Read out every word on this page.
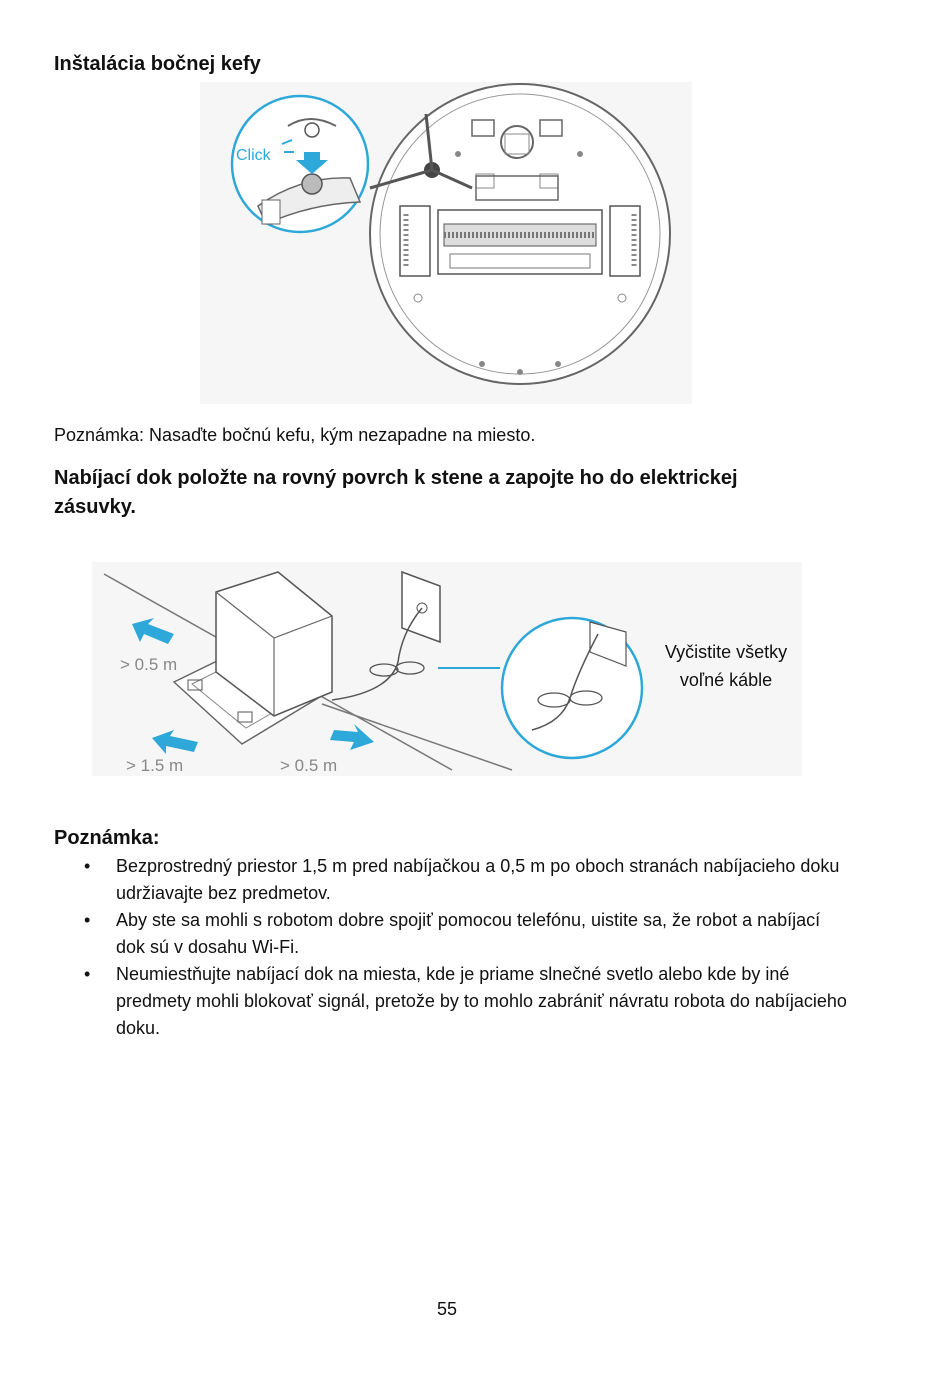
Inštalácia bočnej kefy
Click

Poznámka: Nasaďte bočnú kefu, kým nezapadne na miesto.

Nabíjací dok položte na rovný povrch k stene a zapojte ho do elektrickej zásuvky.
> 0.5 m
> 1.5 m	> 0.5 m
Vyčistite všetky
voľné káble
Poznámka:
• Bezprostredný priestor 1,5 m pred nabíjačkou a 0,5 m po oboch stranách nabíjacieho doku udržiavajte bez predmetov.
• Aby ste sa mohli s robotom dobre spojiť pomocou telefónu, uistite sa, že robot a nabíjací dok sú v dosahu Wi-Fi.
• Neumiestňujte nabíjací dok na miesta, kde je priame slnečné svetlo alebo kde by iné predmety mohli blokovať signál, pretože by to mohlo zabrániť návratu robota do nabíjacieho doku.
55
